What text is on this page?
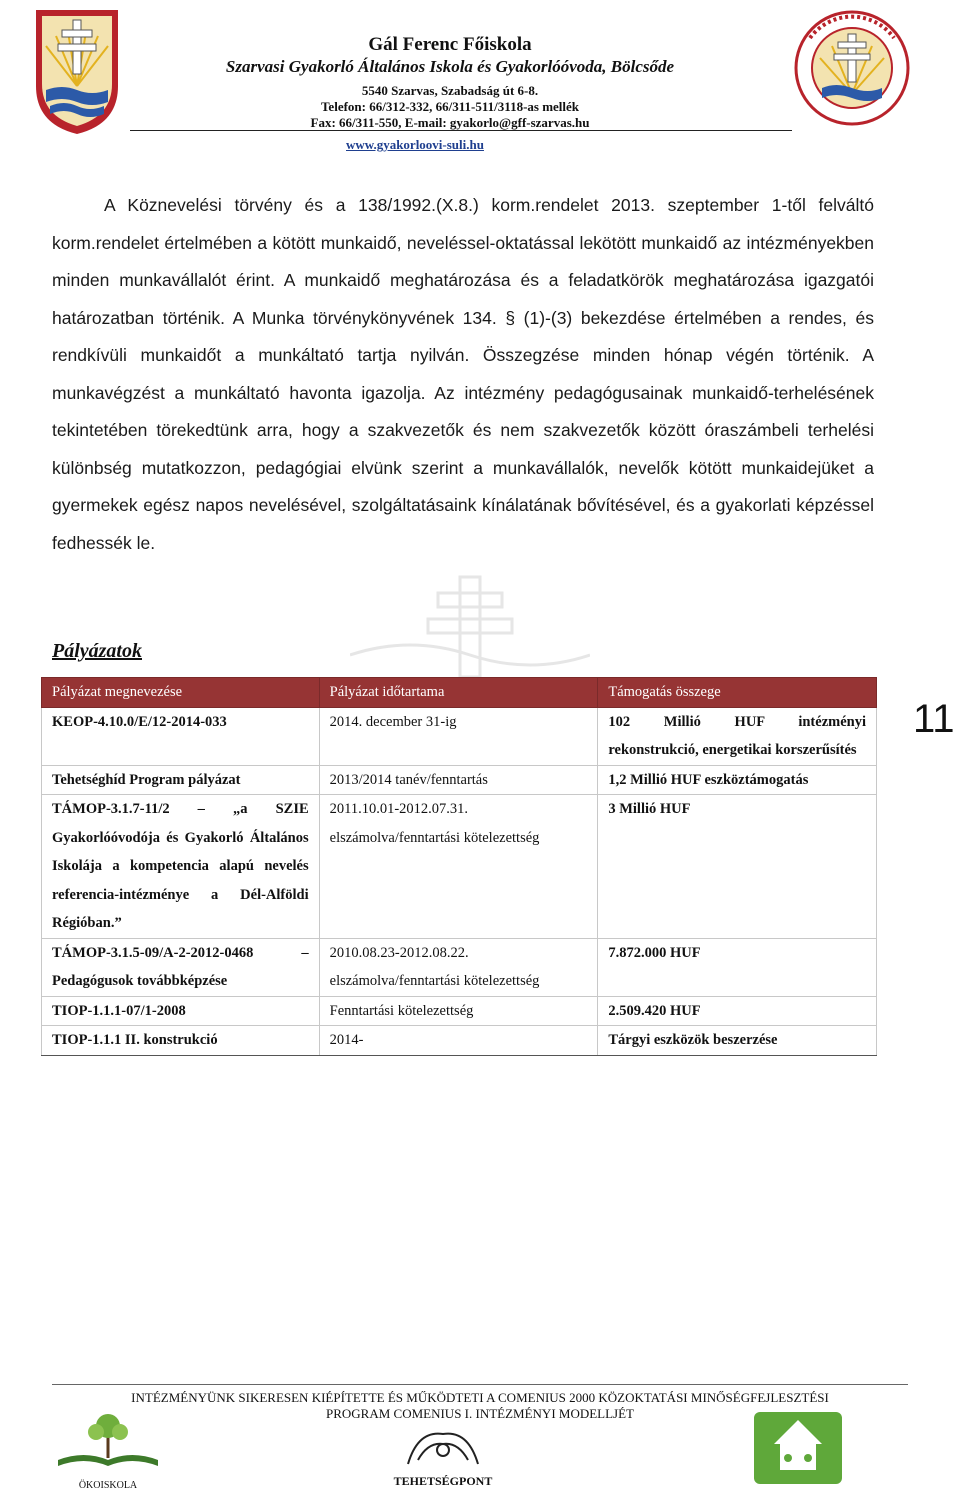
Gál Ferenc Főiskola
Szarvasi Gyakorló Általános Iskola és Gyakorlóóvoda, Bölcsőde
5540 Szarvas, Szabadság út 6-8.
Telefon: 66/312-332, 66/311-511/3118-as mellék
Fax: 66/311-550, E-mail: gyakorlo@gff-szarvas.hu
www.gyakorloovi-suli.hu
A Köznevelési törvény és a 138/1992.(X.8.) korm.rendelet 2013. szeptember 1-től felváltó korm.rendelet értelmében a kötött munkaidő, neveléssel-oktatással lekötött munkaidő az intézményekben minden munkavállalót érint. A munkaidő meghatározása és a feladatkörök meghatározása igazgatói határozatban történik. A Munka törvénykönyvének 134. § (1)-(3) bekezdése értelmében a rendes, és rendkívüli munkaidőt a munkáltató tartja nyilván. Összegzése minden hónap végén történik. A munkavégzést a munkáltató havonta igazolja. Az intézmény pedagógusainak munkaidő-terhelésének tekintetében törekedtünk arra, hogy a szakvezetők és nem szakvezetők között óraszámbeli terhelési különbség mutatkozzon, pedagógiai elvünk szerint a munkavállalók, nevelők kötött munkaidejüket a gyermekek egész napos nevelésével, szolgáltatásaink kínálatának bővítésével, és a gyakorlati képzéssel fedhessék le.
Pályázatok
Pályázat megnevezése	Pályázat időtartama	Támogatás összege
KEOP-4.10.0/E/12-2014-033	2014. december 31-ig	102 Millió HUF intézményi rekonstrukció, energetikai korszerűsítés
Tehetséghíd Program pályázat	2013/2014 tanév/fenntartás	1,2 Millió HUF eszköztámogatás
TÁMOP-3.1.7-11/2 – „a SZIE Gyakorlóóvodója és Gyakorló Általános Iskolája a kompetencia alapú nevelés referencia-intézménye a Dél-Alföldi Régióban.”	2011.10.01-2012.07.31. elszámolva/fenntartási kötelezettség	3 Millió HUF
TÁMOP-3.1.5-09/A-2-2012-0468 – Pedagógusok továbbképzése	2010.08.23-2012.08.22. elszámolva/fenntartási kötelezettség	7.872.000 HUF
TIOP-1.1.1-07/1-2008	Fenntartási kötelezettség	2.509.420 HUF
TIOP-1.1.1 II. konstrukció	2014-	Tárgyi eszközök beszerzése
11
INTÉZMÉNYÜNK SIKERESEN KIÉPÍTETTE ÉS MŰKÖDTETI A COMENIUS 2000 KÖZOKTATÁSI MINŐSÉGFEJLESZTÉSI
PROGRAM COMENIUS I. INTÉZMÉNYI MODELLJÉT
ÖKOISKOLA	TEHETSÉGPONT
